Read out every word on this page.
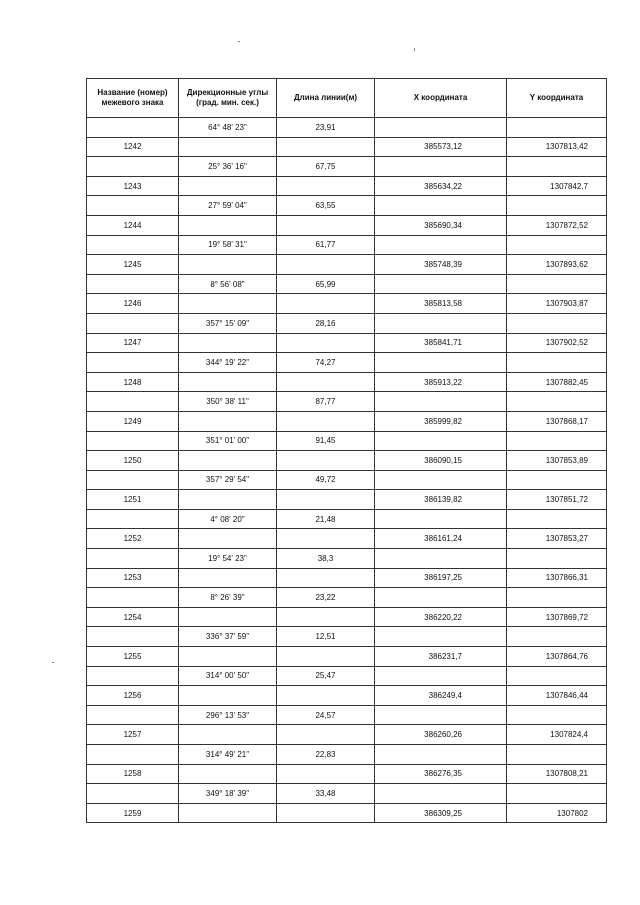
Название (номер) межевого знака	Дирекционные углы (град. мин. сек.)	Длина линии(м)	X координата	Y координата
	64° 48' 23"	23,91		
1242			385573,12	1307813,42
	25° 36' 16"	67,75		
1243			385634,22	1307842,7
	27° 59' 04"	63,55		
1244			385690,34	1307872,52
	19° 58' 31"	61,77		
1245			385748,39	1307893,62
	8° 56' 08"	65,99		
1246			385813,58	1307903,87
	357° 15' 09"	28,16		
1247			385841,71	1307902,52
	344° 19' 22"	74,27		
1248			385913,22	1307882,45
	350° 38' 11"	87,77		
1249			385999,82	1307868,17
	351° 01' 00"	91,45		
1250			386090,15	1307853,89
	357° 29' 54"	49,72		
1251			386139,82	1307851,72
	4° 08' 20"	21,48		
1252			386161,24	1307853,27
	19° 54' 23"	38,3		
1253			386197,25	1307866,31
	8° 26' 39"	23,22		
1254			386220,22	1307869,72
	336° 37' 59"	12,51		
1255			386231,7	1307864,76
	314° 00' 50"	25,47		
1256			386249,4	1307846,44
	296° 13' 53"	24,57		
1257			386260,26	1307824,4
	314° 49' 21"	22,83		
1258			386276,35	1307808,21
	349° 18' 39"	33,48		
1259			386309,25	1307802
